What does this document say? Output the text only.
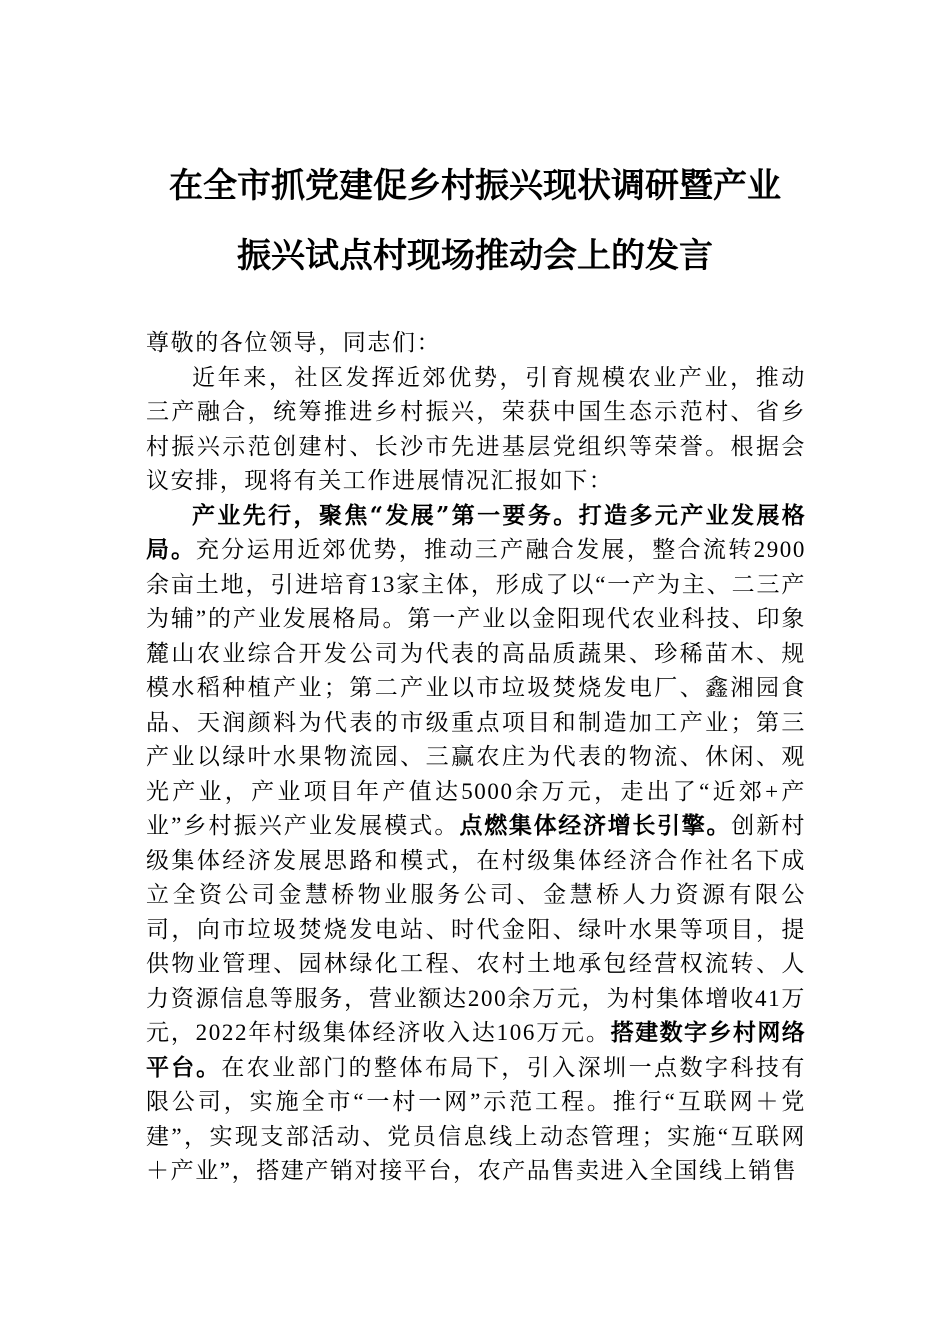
在全市抓党建促乡村振兴现状调研暨产业
振兴试点村现场推动会上的发言

尊敬的各位领导，同志们：

近年来，社区发挥近郊优势，引育规模农业产业，推动三产融合，统筹推进乡村振兴，荣获中国生态示范村、省乡村振兴示范创建村、长沙市先进基层党组织等荣誉。根据会议安排，现将有关工作进展情况汇报如下：

产业先行，聚焦“发展”第一要务。打造多元产业发展格局。充分运用近郊优势，推动三产融合发展，整合流转2900余亩土地，引进培育13家主体，形成了以“一产为主、二三产为辅”的产业发展格局。第一产业以金阳现代农业科技、印象麓山农业综合开发公司为代表的高品质蔬果、珍稀苗木、规模水稻种植产业；第二产业以市垃圾焚烧发电厂、鑫湘园食品、天润颜料为代表的市级重点项目和制造加工产业；第三产业以绿叶水果物流园、三赢农庄为代表的物流、休闲、观光产业，产业项目年产值达5000余万元，走出了“近郊+产业”乡村振兴产业发展模式。点燃集体经济增长引擎。创新村级集体经济发展思路和模式，在村级集体经济合作社名下成立全资公司金慧桥物业服务公司、金慧桥人力资源有限公司，向市垃圾焚烧发电站、时代金阳、绿叶水果等项目，提供物业管理、园林绿化工程、农村土地承包经营权流转、人力资源信息等服务，营业额达200余万元，为村集体增收41万元，2022年村级集体经济收入达106万元。搭建数字乡村网络平台。在农业部门的整体布局下，引入深圳一点数字科技有限公司，实施全市“一村一网”示范工程。推行“互联网＋党建”，实现支部活动、党员信息线上动态管理；实施“互联网＋产业”，搭建产销对接平台，农产品售卖进入全国线上销售
